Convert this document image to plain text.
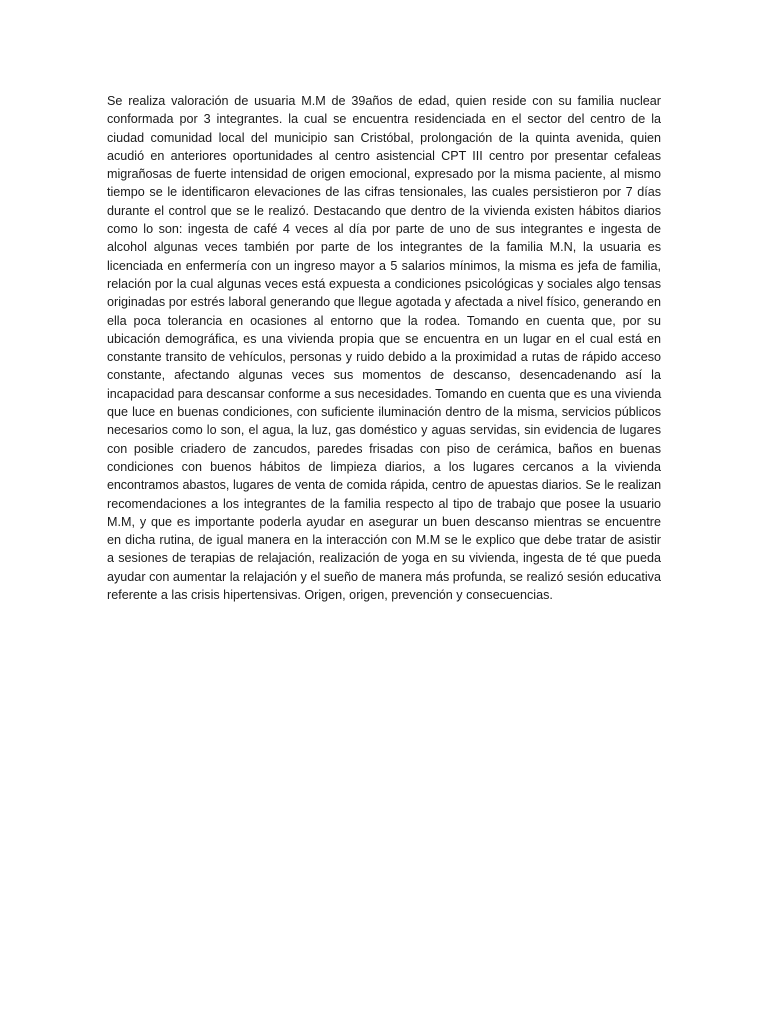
Se realiza valoración de usuaria M.M de 39años de edad, quien reside con su familia nuclear
conformada por 3 integrantes. la cual se encuentra residenciada en el sector del centro de la
ciudad comunidad local del municipio san Cristóbal, prolongación de la quinta avenida, quien
acudió en anteriores oportunidades al centro asistencial CPT III centro por presentar cefaleas
migrañosas de fuerte intensidad de origen emocional, expresado por la misma paciente, al mismo
tiempo se le identificaron elevaciones de las cifras tensionales, las cuales persistieron por 7 días
durante el control que se le realizó. Destacando que dentro de la vivienda existen hábitos diarios
como lo son: ingesta de café 4 veces al día por parte de uno de sus integrantes e ingesta de
alcohol algunas veces también por parte de los integrantes de la familia M.N, la usuaria es
licenciada en enfermería con un ingreso mayor a 5 salarios mínimos, la misma es jefa de familia,
relación por la cual algunas veces está expuesta a condiciones psicológicas y sociales algo tensas
originadas por estrés laboral generando que llegue agotada y afectada a nivel físico, generando en
ella poca tolerancia en ocasiones al entorno que la rodea. Tomando en cuenta que, por su
ubicación demográfica, es una vivienda propia que se encuentra en un lugar en el cual está en
constante transito de vehículos, personas y ruido debido a la proximidad a rutas de rápido acceso
constante, afectando algunas veces sus momentos de descanso, desencadenando así la
incapacidad para descansar conforme a sus necesidades. Tomando en cuenta que es una vivienda
que luce en buenas condiciones, con suficiente iluminación dentro de la misma, servicios públicos
necesarios como lo son, el agua, la luz, gas doméstico y aguas servidas, sin evidencia de lugares
con posible criadero de zancudos, paredes frisadas con piso de cerámica, baños en buenas
condiciones con buenos hábitos de limpieza diarios, a los lugares cercanos a la vivienda
encontramos abastos, lugares de venta de comida rápida, centro de apuestas diarios. Se le realizan
recomendaciones a los integrantes de la familia respecto al tipo de trabajo que posee la usuario
M.M, y que es importante poderla ayudar en asegurar un buen descanso mientras se encuentre
en dicha rutina, de igual manera en la interacción con M.M se le explico que debe tratar de asistir
a sesiones de terapias de relajación, realización de yoga en su vivienda, ingesta de té que pueda
ayudar con aumentar la relajación y el sueño de manera más profunda, se realizó sesión educativa
referente a las crisis hipertensivas. Origen, origen, prevención y consecuencias.
